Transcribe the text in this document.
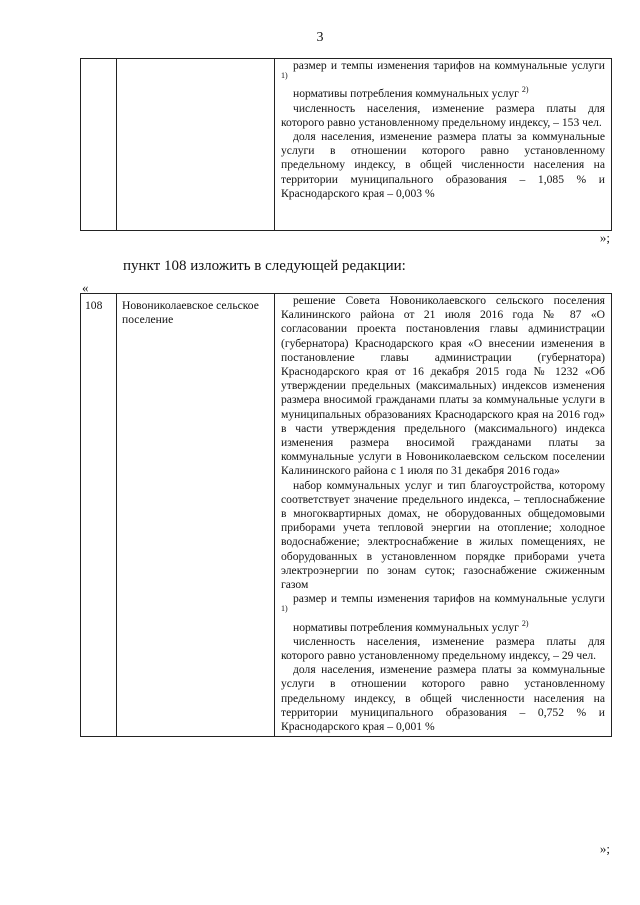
3

размер и темпы изменения тарифов на коммунальные услуги $^{1)}$

нормативы потребления коммунальных услуг $^{2)}$

численность населения, изменение размера платы для которого равно установленному предельному индексу, – 153 чел.

доля населения, изменение размера платы за коммунальные услуги в отношении которого равно установленному предельному индексу, в общей численности населения на территории муниципального образования – 1,085 % и Краснодарского края – 0,003 %

»;
пункт 108 изложить в следующей редакции:
«
108	Новониколаевское сельское поселение	

решение Совета Новониколаевского сельского поселения Калининского района от 21 июля 2016 года № 87 «О согласовании проекта постановления главы администрации (губернатора) Краснодарского края «О внесении изменения в постановление главы администрации (губернатора) Краснодарского края от 16 декабря 2015 года № 1232 «Об утверждении предельных (максимальных) индексов изменения размера вносимой гражданами платы за коммунальные услуги в муниципальных образованиях Краснодарского края на 2016 год» в части утверждения предельного (максимального) индекса изменения размера вносимой гражданами платы за коммунальные услуги в Новониколаевском сельском поселении Калининского района с 1 июля по 31 декабря 2016 года»

набор коммунальных услуг и тип благоустройства, которому соответствует значение предельного индекса, – теплоснабжение в многоквартирных домах, не оборудованных общедомовыми приборами учета тепловой энергии на отопление; холодное водоснабжение; электроснабжение в жилых помещениях, не оборудованных в установленном порядке приборами учета электроэнергии по зонам суток; газоснабжение сжиженным газом

размер и темпы изменения тарифов на коммунальные услуги $^{1)}$

нормативы потребления коммунальных услуг $^{2)}$

численность населения, изменение размера платы для которого равно установленному предельному индексу, – 29 чел.

доля населения, изменение размера платы за коммунальные услуги в отношении которого равно установленному предельному индексу, в общей численности населения на территории муниципального образования – 0,752 % и Краснодарского края – 0,001 %

»;
